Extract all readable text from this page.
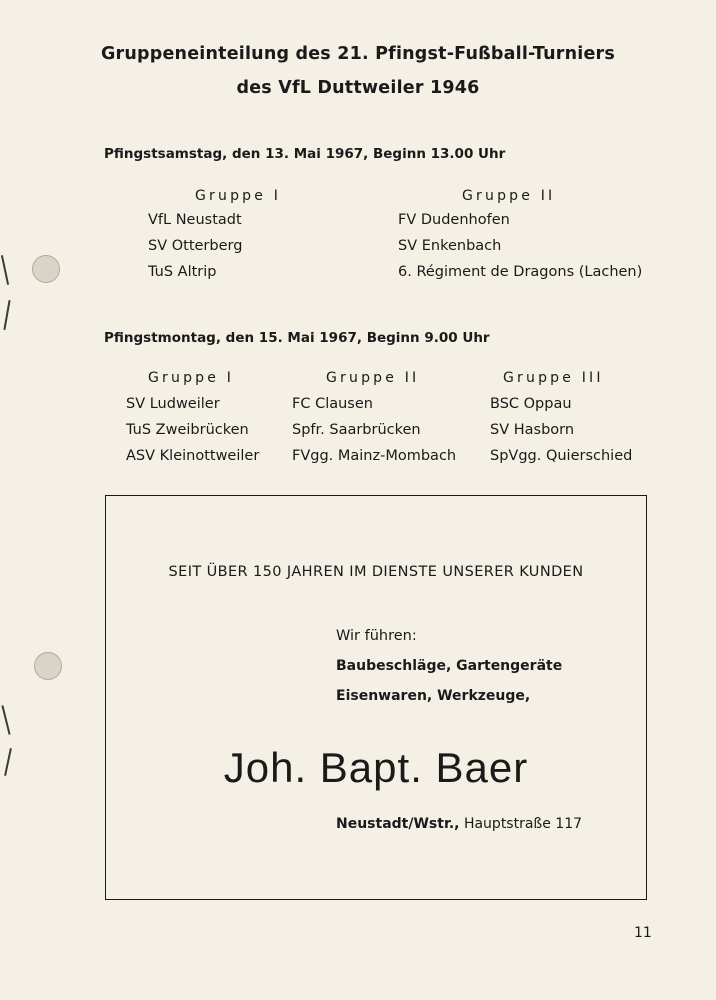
Gruppeneinteilung des 21. Pfingst-Fußball-Turniers
des VfL Duttweiler 1946
Pfingstsamstag, den 13. Mai 1967, Beginn 13.00 Uhr
Gruppe I
VfL Neustadt
SV Otterberg
TuS Altrip
Gruppe II
FV Dudenhofen
SV Enkenbach
6. Régiment de Dragons (Lachen)
Pfingstmontag, den 15. Mai 1967, Beginn 9.00 Uhr
Gruppe I
SV Ludweiler
TuS Zweibrücken
ASV Kleinottweiler
Gruppe II
FC Clausen
Spfr. Saarbrücken
FVgg. Mainz-Mombach
Gruppe III
BSC Oppau
SV Hasborn
SpVgg. Quierschied
SEIT ÜBER 150 JAHREN IM DIENSTE UNSERER KUNDEN
Wir führen:
Baubeschläge, Gartengeräte
Eisenwaren, Werkzeuge,
Joh. Bapt. Baer
Neustadt/Wstr., Hauptstraße 117
11
